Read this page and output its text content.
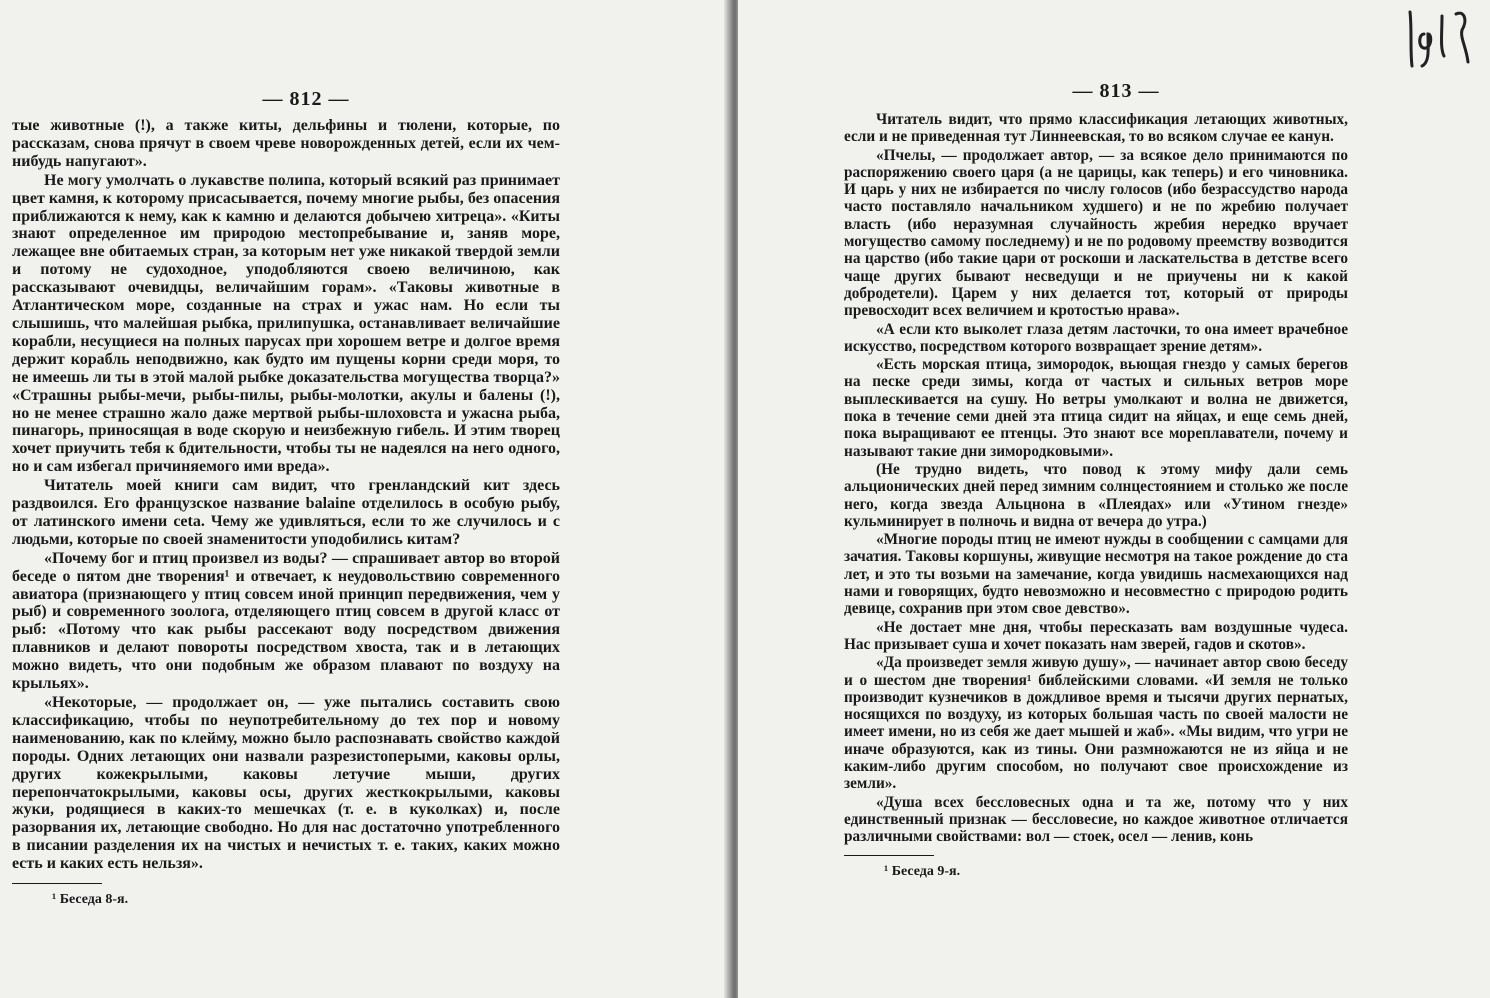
— 812 —

тые животные (!), а также киты, дельфины и тюлени, которые, по рассказам, снова прячут в своем чреве новорожденных детей, если их чем-нибудь напугают».

Не могу умолчать о лукавстве полипа, который всякий раз принимает цвет камня, к которому присасывается, почему многие рыбы, без опасения приближаются к нему, как к камню и делаются добычею хитреца». «Киты знают определенное им природою местопребывание и, заняв море, лежащее вне обитаемых стран, за которым нет уже никакой твердой земли и потому не судоходное, уподобляются своею величиною, как рассказывают очевидцы, величайшим горам». «Таковы животные в Атлантическом море, созданные на страх и ужас нам. Но если ты слышишь, что малейшая рыбка, прилипушка, останавливает величайшие корабли, несущиеся на полных парусах при хорошем ветре и долгое время держит корабль неподвижно, как будто им пущены корни среди моря, то не имеешь ли ты в этой малой рыбке доказательства могущества творца?» «Страшны рыбы-мечи, рыбы-пилы, рыбы-молотки, акулы и балены (!), но не менее страшно жало даже мертвой рыбы-шлоховста и ужасна рыба, пинагорь, приносящая в воде скорую и неизбежную гибель. И этим творец хочет приучить тебя к бдительности, чтобы ты не надеялся на него одного, но и сам избегал причиняемого ими вреда».

Читатель моей книги сам видит, что гренландский кит здесь раздвоился. Его французское название balaine отделилось в особую рыбу, от латинского имени ceta. Чему же удивляться, если то же случилось и с людьми, которые по своей знаменитости уподобились китам?

«Почему бог и птиц произвел из воды? — спрашивает автор во второй беседе о пятом дне творения¹ и отвечает, к неудовольствию современного авиатора (признающего у птиц совсем иной принцип передвижения, чем у рыб) и современного зоолога, отделяющего птиц совсем в другой класс от рыб: «Потому что как рыбы рассекают воду посредством движения плавников и делают повороты посредством хвоста, так и в летающих можно видеть, что они подобным же образом плавают по воздуху на крыльях».

«Некоторые, — продолжает он, — уже пытались составить свою классификацию, чтобы по неупотребительному до тех пор и новому наименованию, как по клейму, можно было распознавать свойство каждой породы. Одних летающих они назвали разрезистоперыми, каковы орлы, других кожекрылыми, каковы летучие мыши, других перепончатокрылыми, каковы осы, других жесткокрылыми, каковы жуки, родящиеся в каких-то мешечках (т. е. в куколках) и, после разорвания их, летающие свободно. Но для нас достаточно употребленного в писании разделения их на чистых и нечистых т. е. таких, каких можно есть и каких есть нельзя».

¹ Беседа 8-я.
— 813 —

Читатель видит, что прямо классификация летающих животных, если и не приведенная тут Линнеевская, то во всяком случае ее канун.

«Пчелы, — продолжает автор, — за всякое дело принимаются по распоряжению своего царя (а не царицы, как теперь) и его чиновника. И царь у них не избирается по числу голосов (ибо безрассудство народа часто поставляло начальником худшего) и не по жребию получает власть (ибо неразумная случайность жребия нередко вручает могущество самому последнему) и не по родовому преемству возводится на царство (ибо такие цари от роскоши и ласкательства в детстве всего чаще других бывают несведущи и не приучены ни к какой добродетели). Царем у них делается тот, который от природы превосходит всех величием и кротостью нрава».

«А если кто выколет глаза детям ласточки, то она имеет врачебное искусство, посредством которого возвращает зрение детям».

«Есть морская птица, зимородок, вьющая гнездо у самых берегов на песке среди зимы, когда от частых и сильных ветров море выплескивается на сушу. Но ветры умолкают и волна не движется, пока в течение семи дней эта птица сидит на яйцах, и еще семь дней, пока выращивают ее птенцы. Это знают все мореплаватели, почему и называют такие дни зимородковыми».

(Не трудно видеть, что повод к этому мифу дали семь альционических дней перед зимним солнцестоянием и столько же после него, когда звезда Альцнона в «Плеядах» или «Утином гнезде» кульминирует в полночь и видна от вечера до утра.)

«Многие породы птиц не имеют нужды в сообщении с самцами для зачатия. Таковы коршуны, живущие несмотря на такое рождение до ста лет, и это ты возьми на замечание, когда увидишь насмехающихся над нами и говорящих, будто невозможно и несовместно с природою родить девице, сохранив при этом свое девство».

«Не достает мне дня, чтобы пересказать вам воздушные чудеса. Нас призывает суша и хочет показать нам зверей, гадов и скотов».

«Да произведет земля живую душу», — начинает автор свою беседу и о шестом дне творения¹ библейскими словами. «И земля не только производит кузнечиков в дождливое время и тысячи других пернатых, носящихся по воздуху, из которых большая часть по своей малости не имеет имени, но из себя же дает мышей и жаб». «Мы видим, что угри не иначе образуются, как из тины. Они размножаются не из яйца и не каким-либо другим способом, но получают свое происхождение из земли».

«Душа всех бессловесных одна и та же, потому что у них единственный признак — бессловесие, но каждое животное отличается различными свойствами: вол — стоек, осел — ленив, конь

¹ Беседа 9-я.
